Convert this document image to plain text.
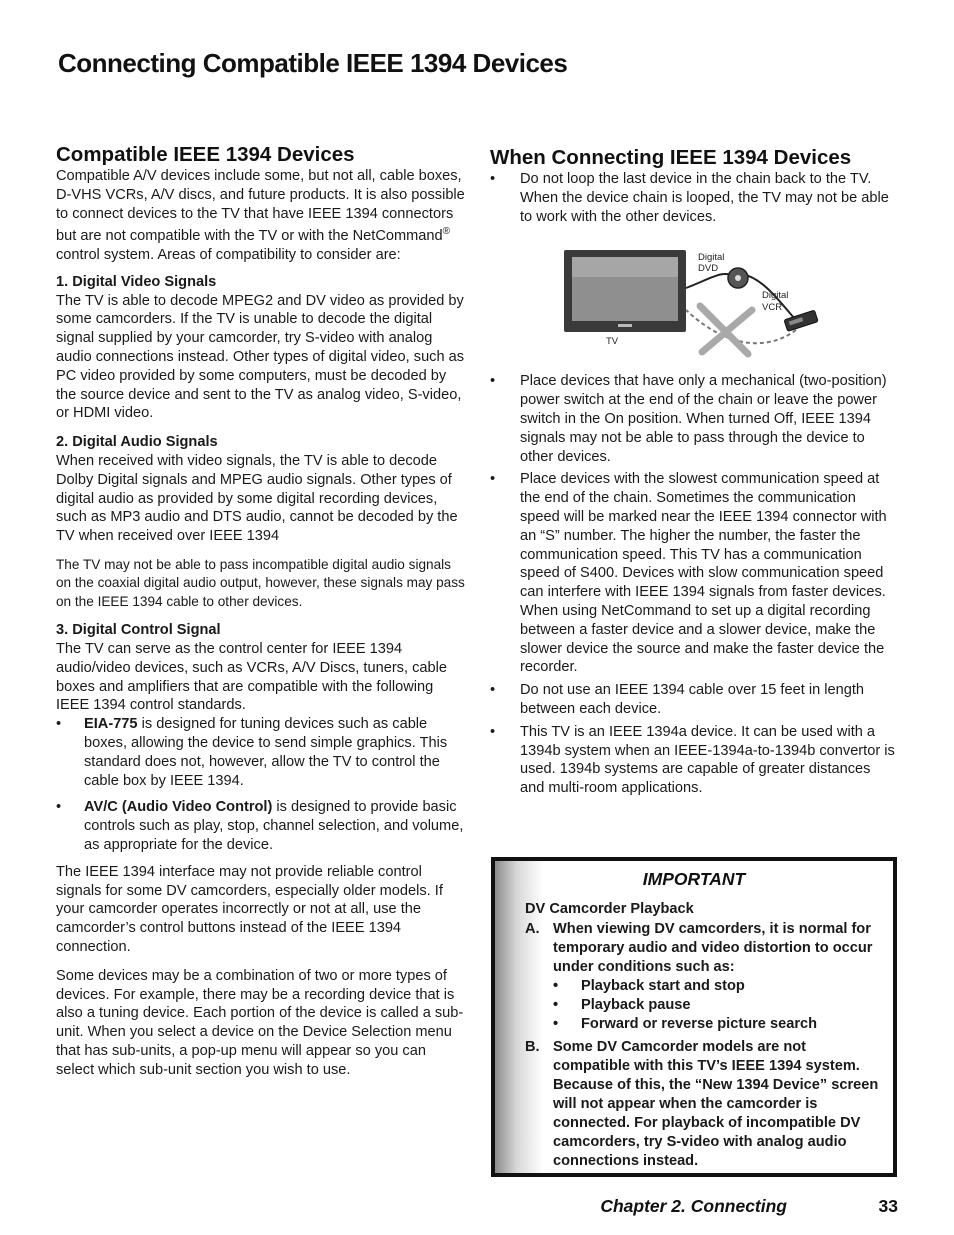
Connecting Compatible IEEE 1394 Devices
Compatible IEEE 1394 Devices

Compatible A/V devices include some, but not all, cable boxes, D-VHS VCRs, A/V discs, and future products. It is also possible to connect devices to the TV that have IEEE 1394 connectors but are not compatible with the TV or with the NetCommand® control system. Areas of compatibility to consider are:

1. Digital Video Signals

The TV is able to decode MPEG2 and DV video as provided by some camcorders. If the TV is unable to decode the digital signal supplied by your camcorder, try S-video with analog audio connections instead. Other types of digital video, such as PC video provided by some computers, must be decoded by the source device and sent to the TV as analog video, S-video, or HDMI video.

2. Digital Audio Signals

When received with video signals, the TV is able to decode Dolby Digital signals and MPEG audio signals. Other types of digital audio as provided by some digital recording devices, such as MP3 audio and DTS audio, cannot be decoded by the TV when received over IEEE 1394

The TV may not be able to pass incompatible digital audio signals on the coaxial digital audio output, however, these signals may pass on the IEEE 1394 cable to other devices.

3. Digital Control Signal

The TV can serve as the control center for IEEE 1394 audio/video devices, such as VCRs, A/V Discs, tuners, cable boxes and amplifiers that are compatible with the following IEEE 1394 control standards.

• EIA-775 is designed for tuning devices such as cable boxes, allowing the device to send simple graphics. This standard does not, however, allow the TV to control the cable box by IEEE 1394.
• AV/C (Audio Video Control) is designed to provide basic controls such as play, stop, channel selection, and volume, as appropriate for the device.

The IEEE 1394 interface may not provide reliable control signals for some DV camcorders, especially older models. If your camcorder operates incorrectly or not at all, use the camcorder’s control buttons instead of the IEEE 1394 connection.

Some devices may be a combination of two or more types of devices. For example, there may be a recording device that is also a tuning device. Each portion of the device is called a sub-unit. When you select a device on the Device Selection menu that has sub-units, a pop-up menu will appear so you can select which sub-unit section you wish to use.

When Connecting IEEE 1394 Devices
• Do not loop the last device in the chain back to the TV. When the device chain is looped, the TV may not be able to work with the other devices.
Digital
DVD
Digital
VCR
TV
• Place devices that have only a mechanical (two-position) power switch at the end of the chain or leave the power switch in the On position. When turned Off, IEEE 1394 signals may not be able to pass through the device to other devices.
• Place devices with the slowest communication speed at the end of the chain. Sometimes the communication speed will be marked near the IEEE 1394 connector with an “S” number. The higher the number, the faster the communication speed. This TV has a communication speed of S400. Devices with slow communication speed can interfere with IEEE 1394 signals from faster devices. When using NetCommand to set up a digital recording between a faster device and a slower device, make the slower device the source and make the faster device the recorder.
• Do not use an IEEE 1394 cable over 15 feet in length between each device.
• This TV is an IEEE 1394a device. It can be used with a 1394b system when an IEEE-1394a-to-1394b convertor is used. 1394b systems are capable of greater distances and multi-room applications.
IMPORTANT
DV Camcorder Playback
A. When viewing DV camcorders, it is normal for temporary audio and video distortion to occur under conditions such as:
• Playback start and stop
• Playback pause
• Forward or reverse picture search
B. Some DV Camcorder models are not compatible with this TV’s IEEE 1394 system. Because of this, the “New 1394 Device” screen will not appear when the camcorder is connected. For playback of incompatible DV camcorders, try S-video with analog audio connections instead.
Chapter 2. Connecting	33
